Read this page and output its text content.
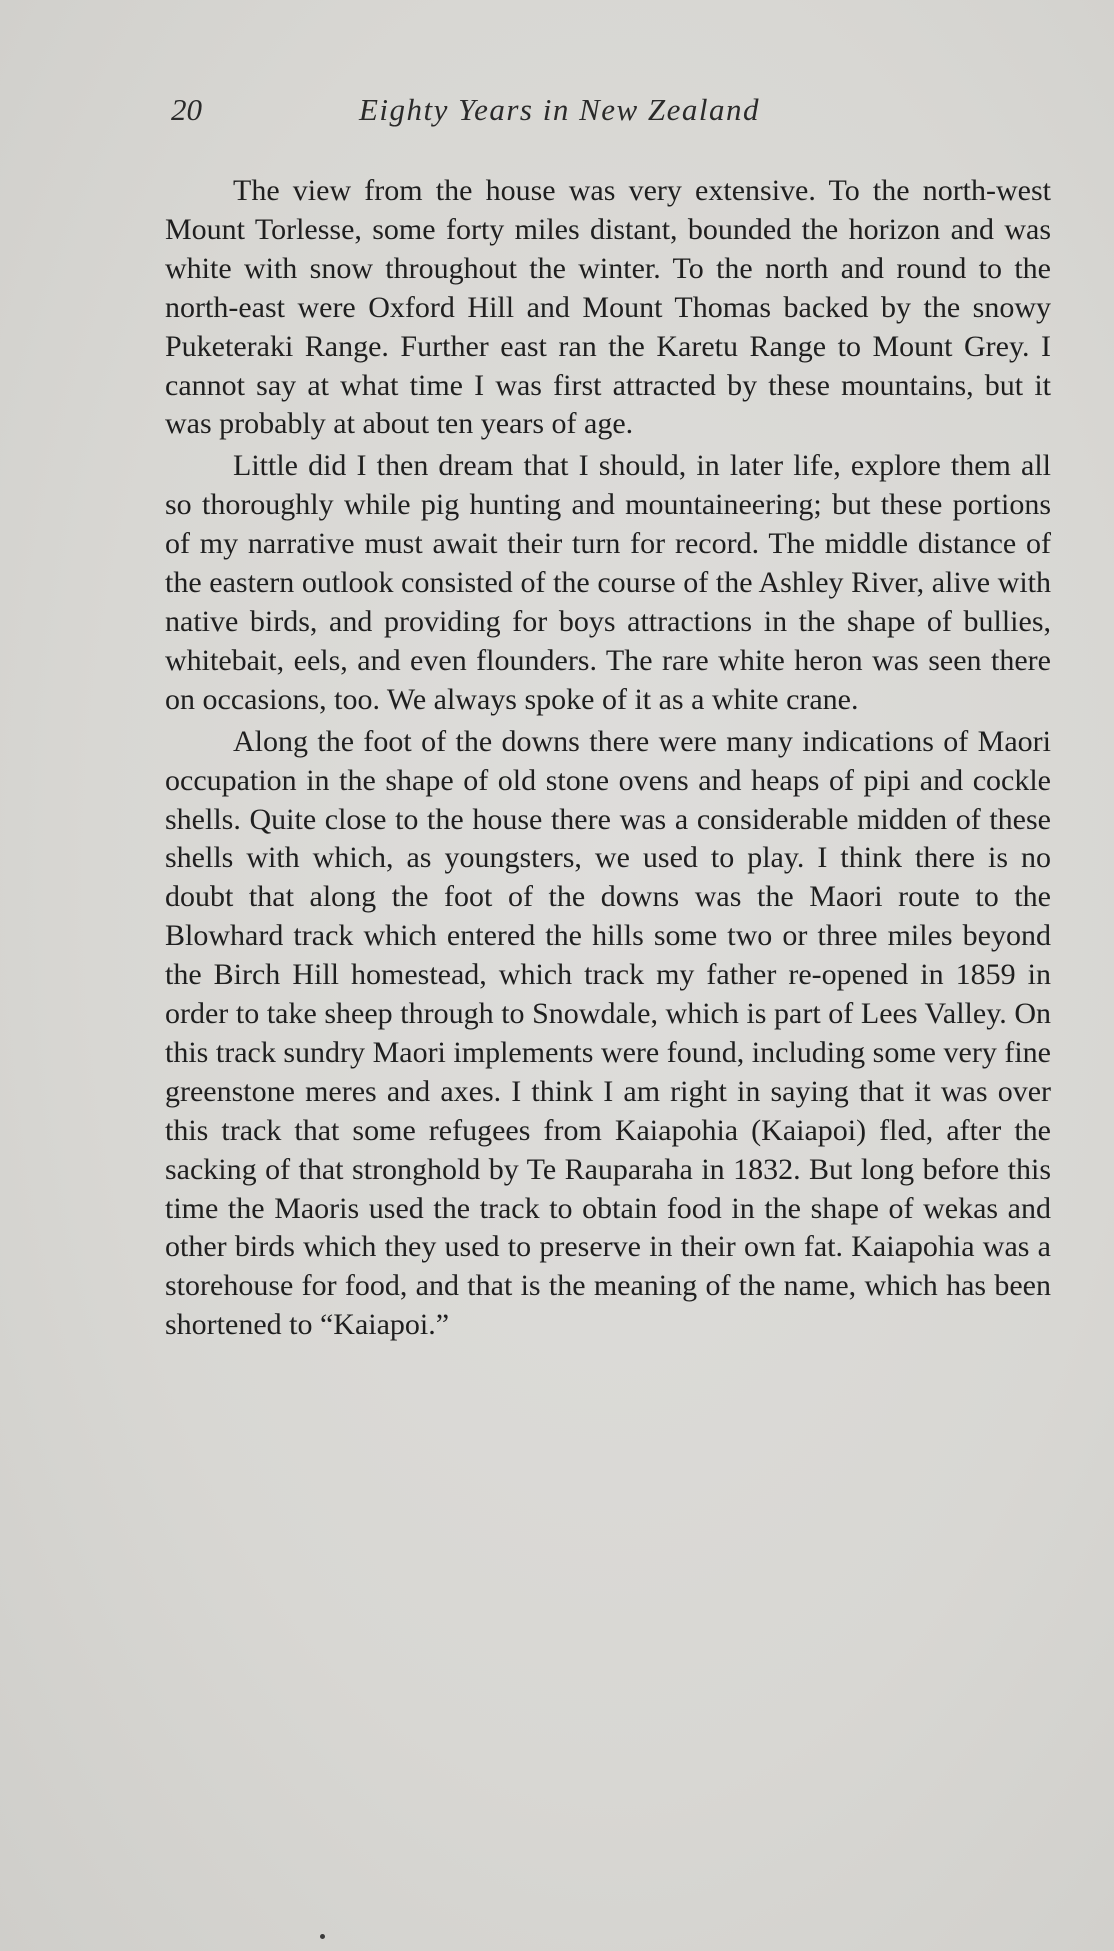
20	Eighty Years in New Zealand

The view from the house was very extensive. To the north-west Mount Torlesse, some forty miles distant, bounded the horizon and was white with snow throughout the winter. To the north and round to the north-east were Oxford Hill and Mount Thomas backed by the snowy Puketeraki Range. Further east ran the Karetu Range to Mount Grey. I cannot say at what time I was first attracted by these mountains, but it was probably at about ten years of age.

Little did I then dream that I should, in later life, explore them all so thoroughly while pig hunting and mountaineering; but these portions of my narrative must await their turn for record. The middle distance of the eastern outlook consisted of the course of the Ashley River, alive with native birds, and providing for boys attractions in the shape of bullies, whitebait, eels, and even flounders. The rare white heron was seen there on occasions, too. We always spoke of it as a white crane.

Along the foot of the downs there were many indications of Maori occupation in the shape of old stone ovens and heaps of pipi and cockle shells. Quite close to the house there was a considerable midden of these shells with which, as youngsters, we used to play. I think there is no doubt that along the foot of the downs was the Maori route to the Blowhard track which entered the hills some two or three miles beyond the Birch Hill homestead, which track my father re-opened in 1859 in order to take sheep through to Snowdale, which is part of Lees Valley. On this track sundry Maori implements were found, including some very fine greenstone meres and axes. I think I am right in saying that it was over this track that some refugees from Kaiapohia (Kaiapoi) fled, after the sacking of that stronghold by Te Rauparaha in 1832. But long before this time the Maoris used the track to obtain food in the shape of wekas and other birds which they used to preserve in their own fat. Kaiapohia was a storehouse for food, and that is the meaning of the name, which has been shortened to “Kaiapoi.”
